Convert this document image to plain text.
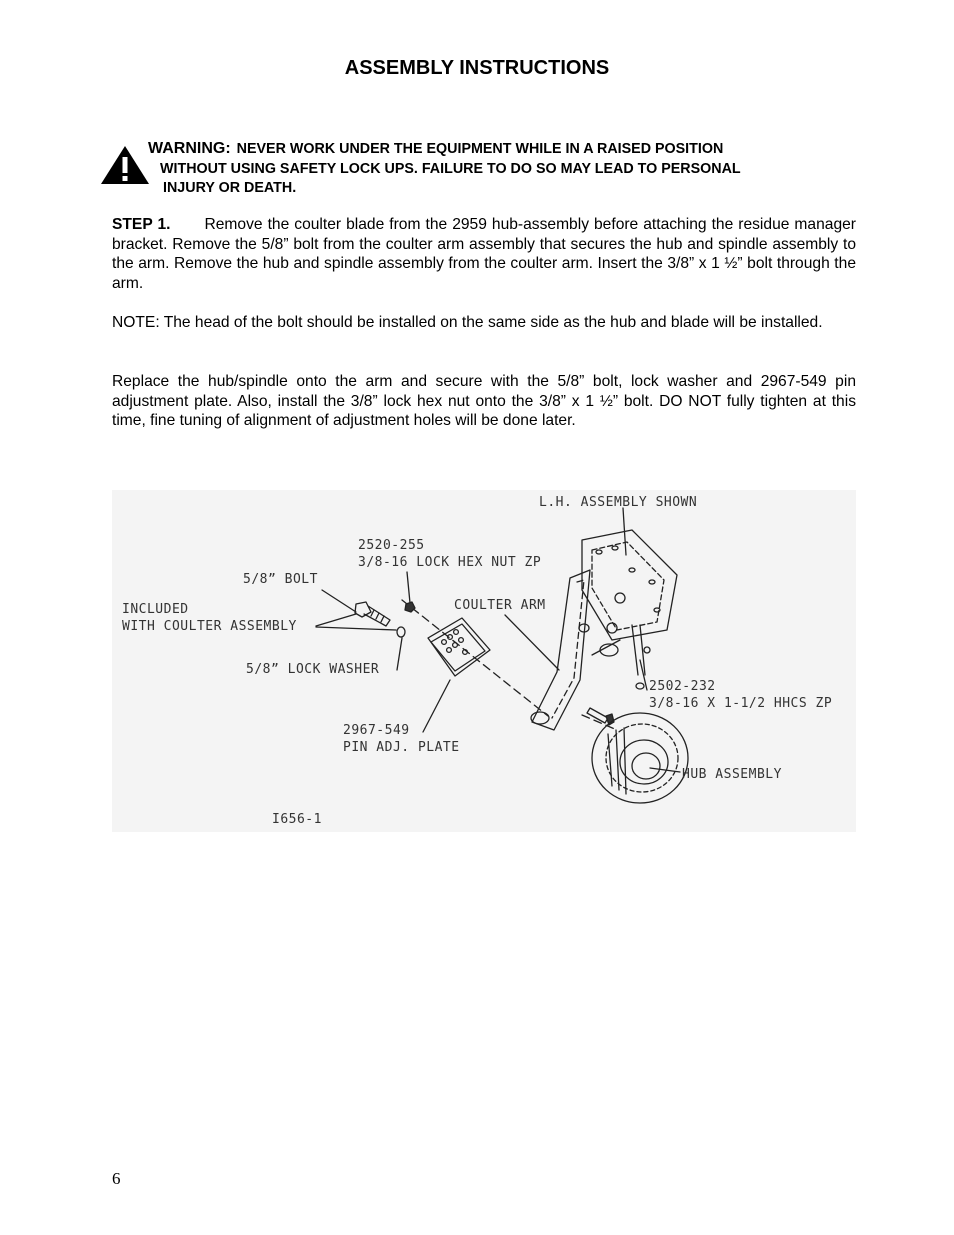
ASSEMBLY INSTRUCTIONS
WARNING: NEVER WORK UNDER THE EQUIPMENT WHILE IN A RAISED POSITION
WITHOUT USING SAFETY LOCK UPS. FAILURE TO DO SO MAY LEAD TO PERSONAL
INJURY OR DEATH.

STEP 1. Remove the coulter blade from the 2959 hub-assembly before attaching the residue manager bracket. Remove the 5/8” bolt from the coulter arm assembly that secures the hub and spindle assembly to the arm. Remove the hub and spindle assembly from the coulter arm. Insert the 3/8” x 1 ½” bolt through the arm.

NOTE: The head of the bolt should be installed on the same side as the hub and blade will be installed.

Replace the hub/spindle onto the arm and secure with the 5/8” bolt, lock washer and 2967-549 pin adjustment plate. Also, install the 3/8” lock hex nut onto the 3/8” x 1 ½” bolt. DO NOT fully tighten at this time, fine tuning of alignment of adjustment holes will be done later.

L.H. ASSEMBLY SHOWN
2520-255
3/8-16 LOCK HEX NUT ZP
5/8” BOLT
INCLUDED
WITH COULTER ASSEMBLY
COULTER ARM
5/8” LOCK WASHER
2502-232
3/8-16 X 1-1/2 HHCS ZP
2967-549
PIN ADJ. PLATE
HUB ASSEMBLY
I656-1
6
